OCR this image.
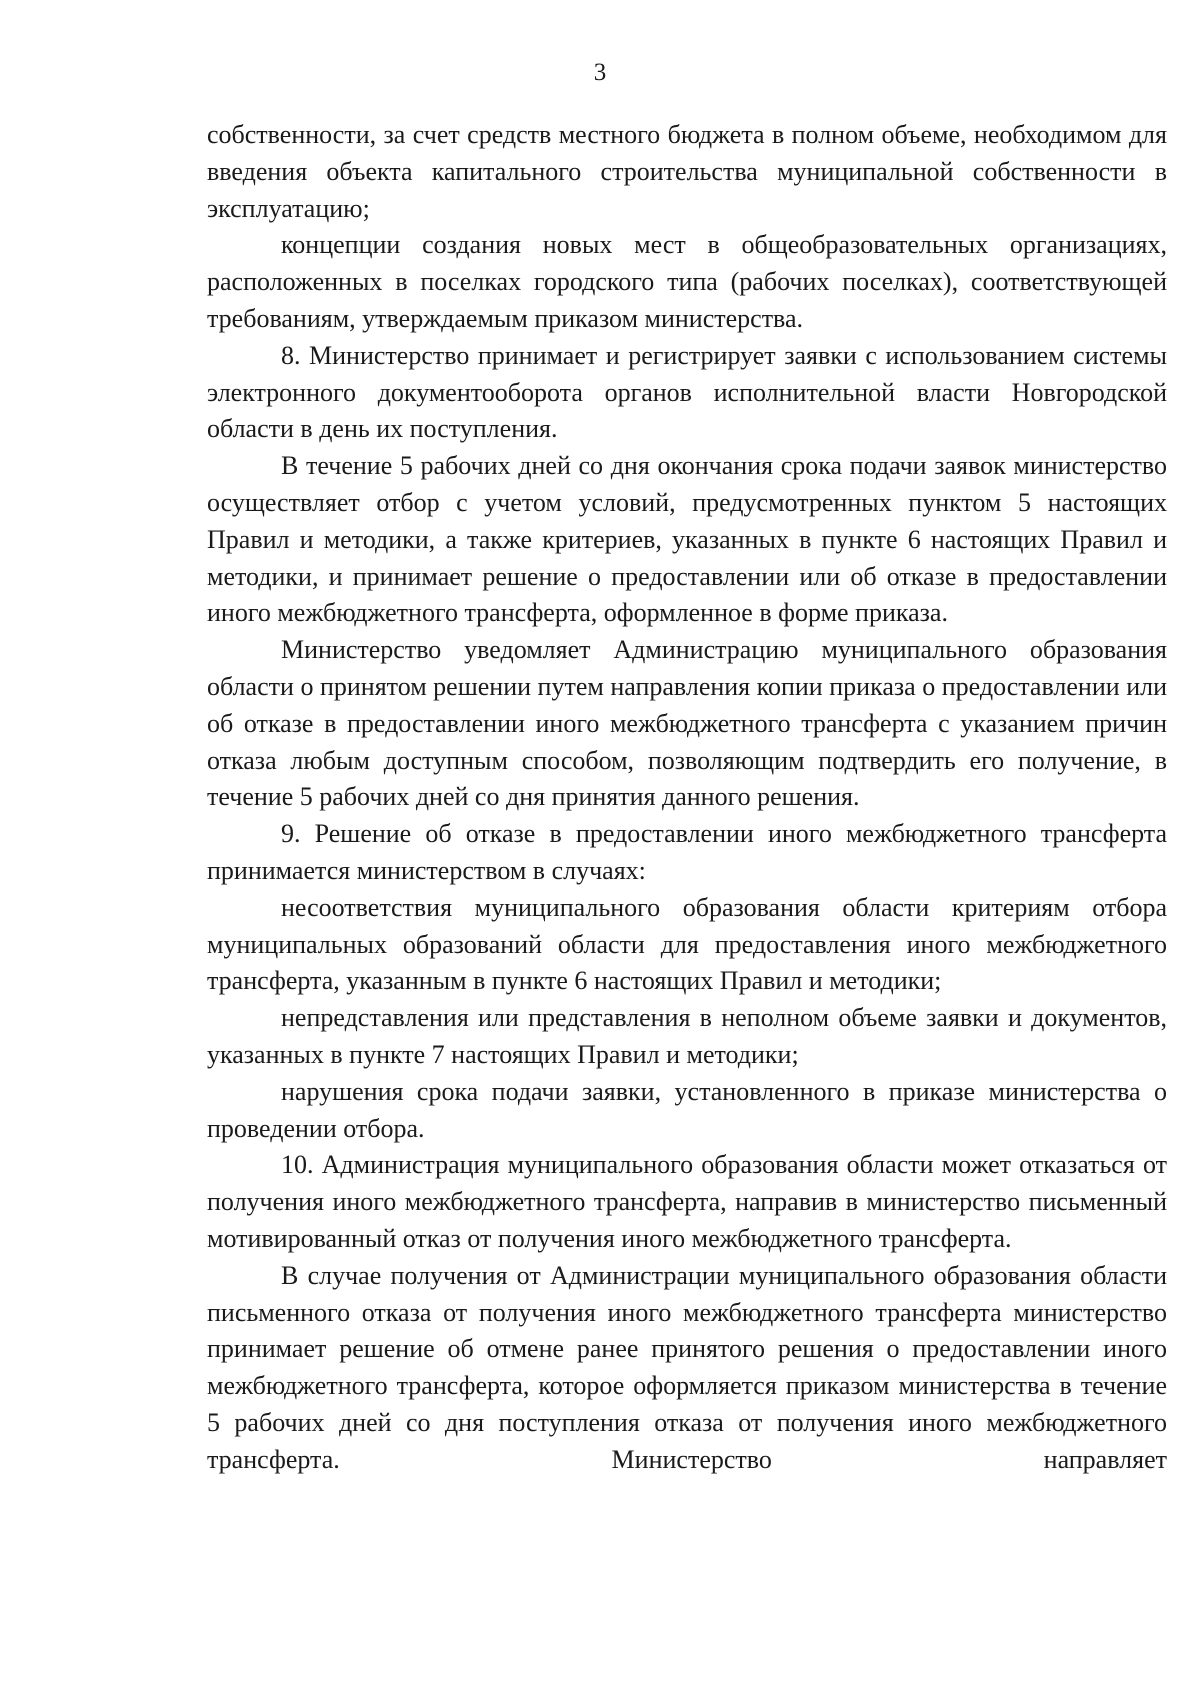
3

собственности, за счет средств местного бюджета в полном объеме, необходимом для введения объекта капитального строительства муниципальной собственности в эксплуатацию;

концепции создания новых мест в общеобразовательных организациях, расположенных в поселках городского типа (рабочих поселках), соответствующей требованиям, утверждаемым приказом министерства.

8. Министерство принимает и регистрирует заявки с использованием системы электронного документооборота органов исполнительной власти Новгородской области в день их поступления.

В течение 5 рабочих дней со дня окончания срока подачи заявок министерство осуществляет отбор с учетом условий, предусмотренных пунктом 5 настоящих Правил и методики, а также критериев, указанных в пункте 6 настоящих Правил и методики, и принимает решение о предоставлении или об отказе в предоставлении иного межбюджетного трансферта, оформленное в форме приказа.

Министерство уведомляет Администрацию муниципального образования области о принятом решении путем направления копии приказа о предоставлении или об отказе в предоставлении иного межбюджетного трансферта с указанием причин отказа любым доступным способом, позволяющим подтвердить его получение, в течение 5 рабочих дней со дня принятия данного решения.

9. Решение об отказе в предоставлении иного межбюджетного трансферта принимается министерством в случаях:

несоответствия муниципального образования области критериям отбора муниципальных образований области для предоставления иного межбюджетного трансферта, указанным в пункте 6 настоящих Правил и методики;

непредставления или представления в неполном объеме заявки и документов, указанных в пункте 7 настоящих Правил и методики;

нарушения срока подачи заявки, установленного в приказе министерства о проведении отбора.

10. Администрация муниципального образования области может отказаться от получения иного межбюджетного трансферта, направив в министерство письменный мотивированный отказ от получения иного межбюджетного трансферта.

В случае получения от Администрации муниципального образования области письменного отказа от получения иного межбюджетного трансферта министерство принимает решение об отмене ранее принятого решения о предоставлении иного межбюджетного трансферта, которое оформляется приказом министерства в течение 5 рабочих дней со дня поступления отказа от получения иного межбюджетного трансферта. Министерство направляет
